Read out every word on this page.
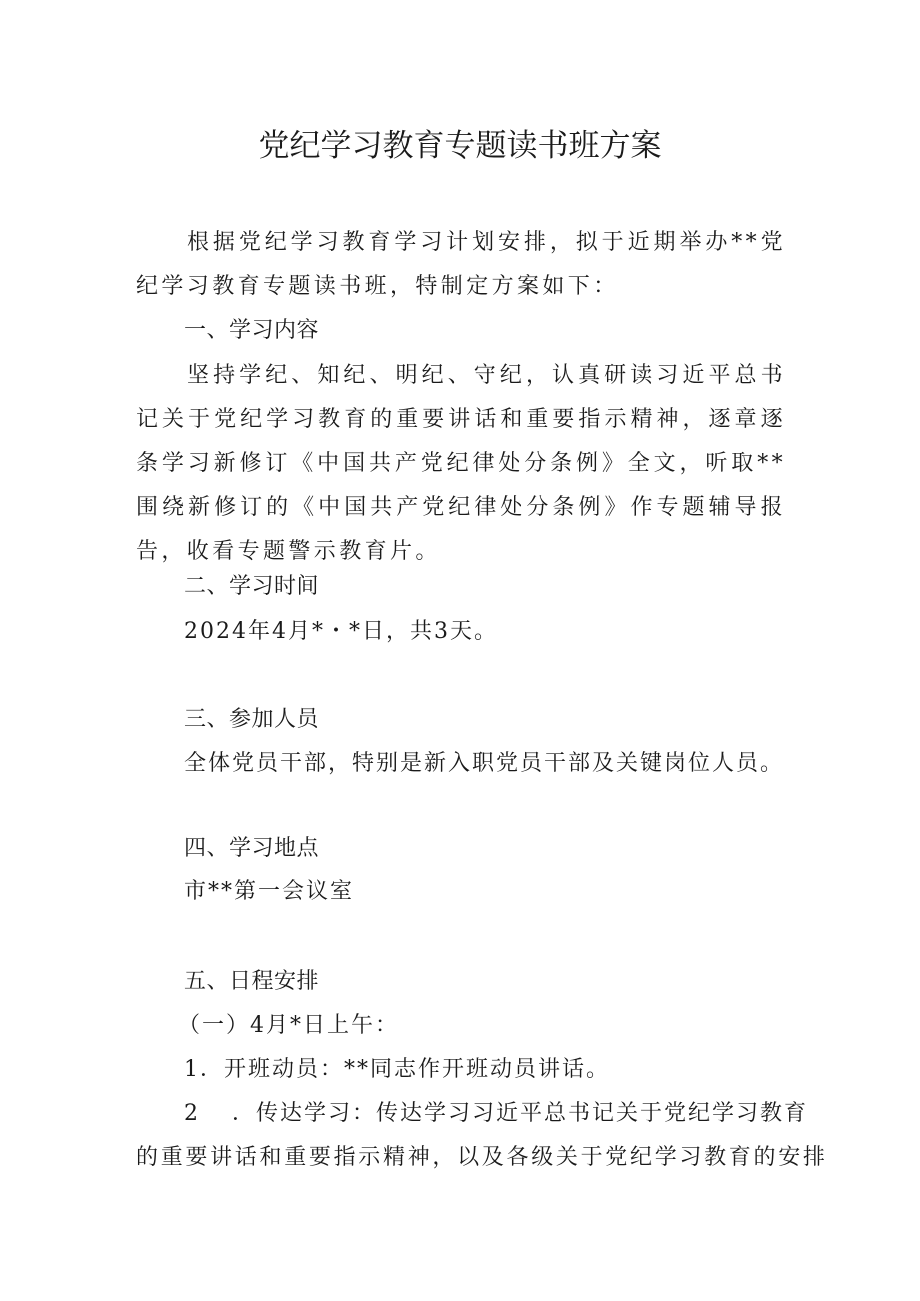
党纪学习教育专题读书班方案
根据党纪学习教育学习计划安排，拟于近期举办**党纪学习教育专题读书班，特制定方案如下：
一、学习内容
坚持学纪、知纪、明纪、守纪，认真研读习近平总书记关于党纪学习教育的重要讲话和重要指示精神，逐章逐条学习新修订《中国共产党纪律处分条例》全文，听取**围绕新修订的《中国共产党纪律处分条例》作专题辅导报告，收看专题警示教育片。
二、学习时间
2024年4月*・*日，共3天。
三、参加人员
全体党员干部，特别是新入职党员干部及关键岗位人员。
四、学习地点
市**第一会议室
五、日程安排
（一）4月*日上午：
1．开班动员：**同志作开班动员讲话。
2 ．传达学习：传达学习习近平总书记关于党纪学习教育
的重要讲话和重要指示精神，以及各级关于党纪学习教育的安排
